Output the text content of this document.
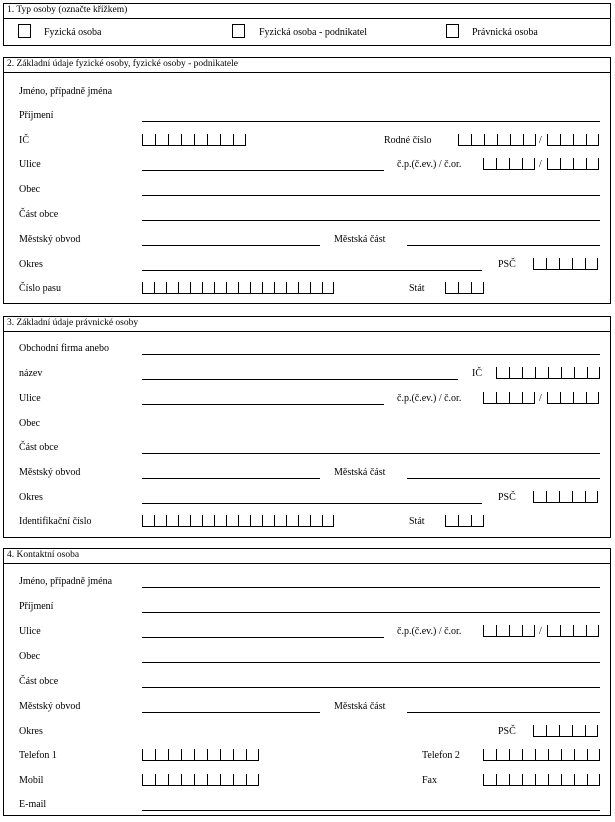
1. Typ osoby (označte křížkem)
Fyzická osoba	Fyzická osoba - podnikatel	Právnická osoba
2. Základní údaje fyzické osoby, fyzické osoby - podnikatele
Jméno, případně jména
Příjmení
IČ	Rodné číslo	/
Ulice	č.p.(č.ev.) / č.or.	/
Obec
Část obce
Městský obvod	Městská část
Okres	PSČ
Číslo pasu	Stát
3. Základní údaje právnické osoby
Obchodní firma anebo
název	IČ
Ulice	č.p.(č.ev.) / č.or.	/
Obec
Část obce
Městský obvod	Městská část
Okres	PSČ
Identifikační číslo	Stát
4. Kontaktní osoba
Jméno, případně jména
Příjmení
Ulice	č.p.(č.ev.) / č.or.	/
Obec
Část obce
Městský obvod	Městská část
Okres	PSČ
Telefon 1	Telefon 2
Mobil	Fax
E-mail
